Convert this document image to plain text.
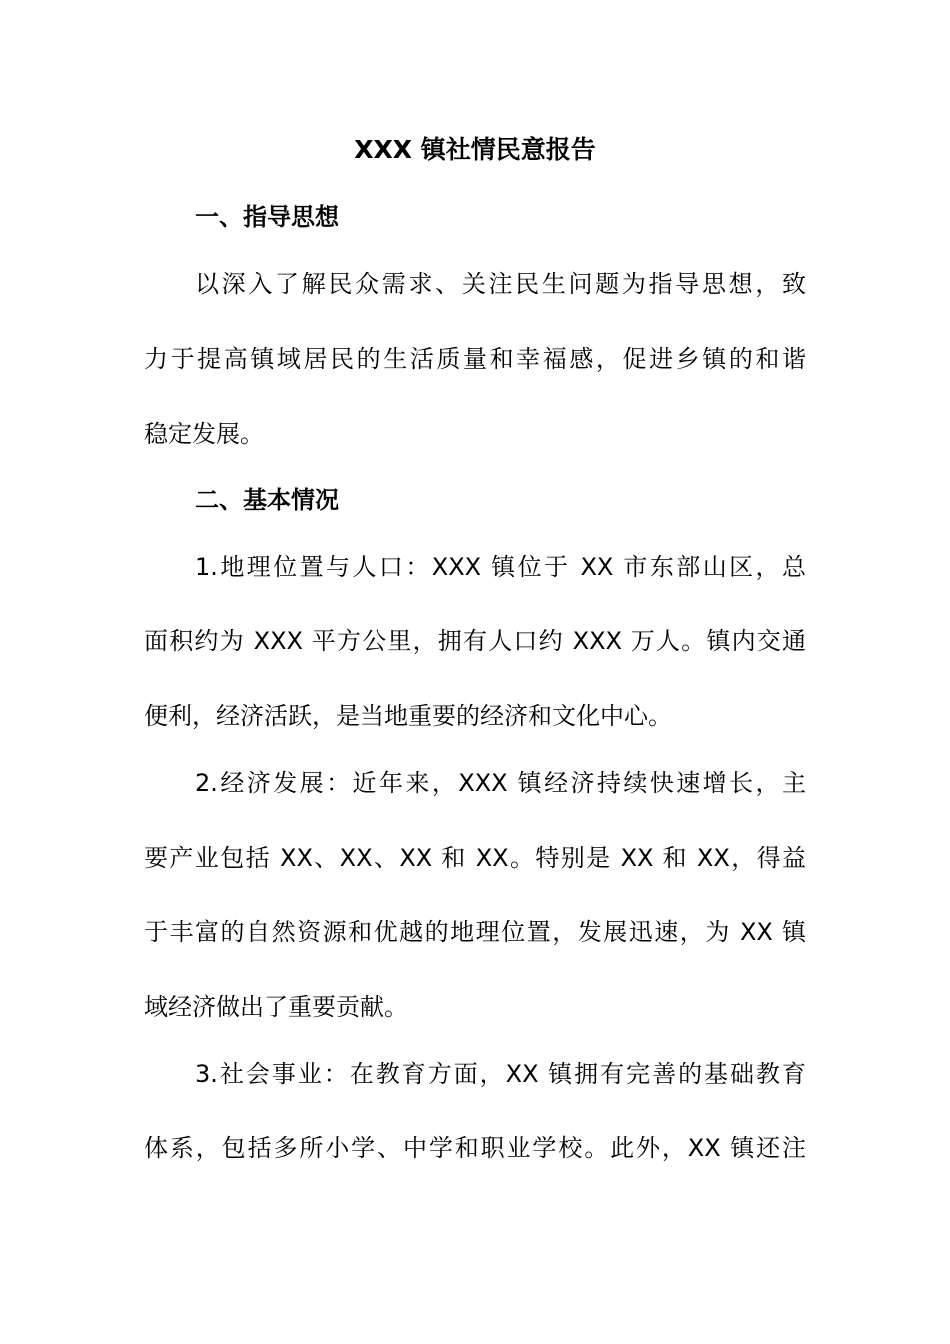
XXX 镇社情民意报告
一、指导思想
以深入了解民众需求、关注民生问题为指导思想，致
力于提高镇域居民的生活质量和幸福感，促进乡镇的和谐
稳定发展。
二、基本情况
1.地理位置与人口：XXX 镇位于 XX 市东部山区，总
面积约为 XXX 平方公里，拥有人口约 XXX 万人。镇内交通
便利，经济活跃，是当地重要的经济和文化中心。
2.经济发展：近年来，XXX 镇经济持续快速增长，主
要产业包括 XX、XX、XX 和 XX。特别是 XX 和 XX，得益
于丰富的自然资源和优越的地理位置，发展迅速，为 XX 镇
域经济做出了重要贡献。
3.社会事业：在教育方面，XX 镇拥有完善的基础教育
体系，包括多所小学、中学和职业学校。此外，XX 镇还注
